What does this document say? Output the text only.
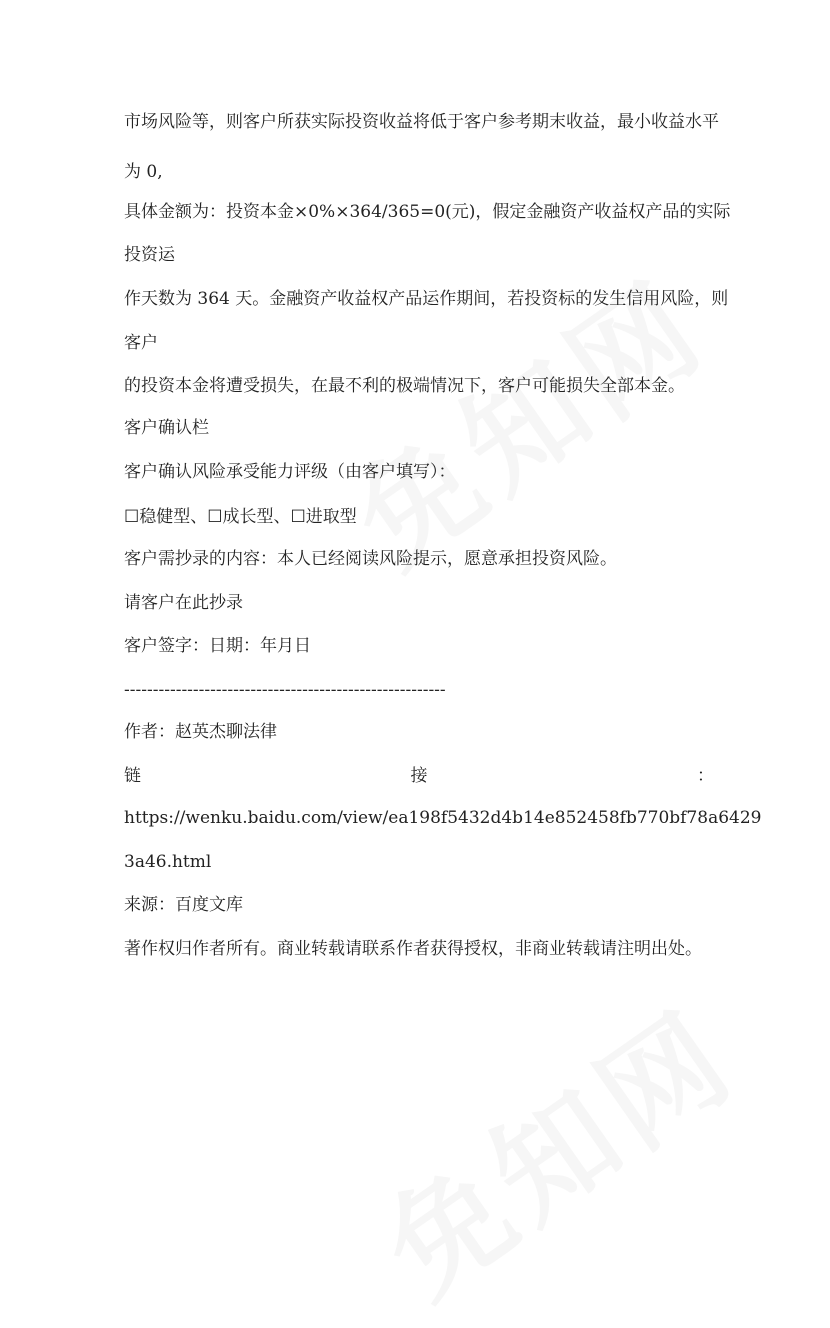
市场风险等，则客户所获实际投资收益将低于客户参考期末收益，最小收益水平
为 0,
具体金额为：投资本金×0%×364/365=0(元)，假定金融资产收益权产品的实际
投资运
作天数为 364 天。金融资产收益权产品运作期间，若投资标的发生信用风险，则
客户
的投资本金将遭受损失，在最不利的极端情况下，客户可能损失全部本金。
客户确认栏
客户确认风险承受能力评级（由客户填写）：
☐稳健型、☐成长型、☐进取型
客户需抄录的内容：本人已经阅读风险提示，愿意承担投资风险。
请客户在此抄录
客户签字：日期：年月日
--------------------------------------------------------
作者：赵英杰聊法律
链	接	：
https://wenku.baidu.com/view/ea198f5432d4b14e852458fb770bf78a6429
3a46.html
来源：百度文库
著作权归作者所有。商业转载请联系作者获得授权，非商业转载请注明出处。
